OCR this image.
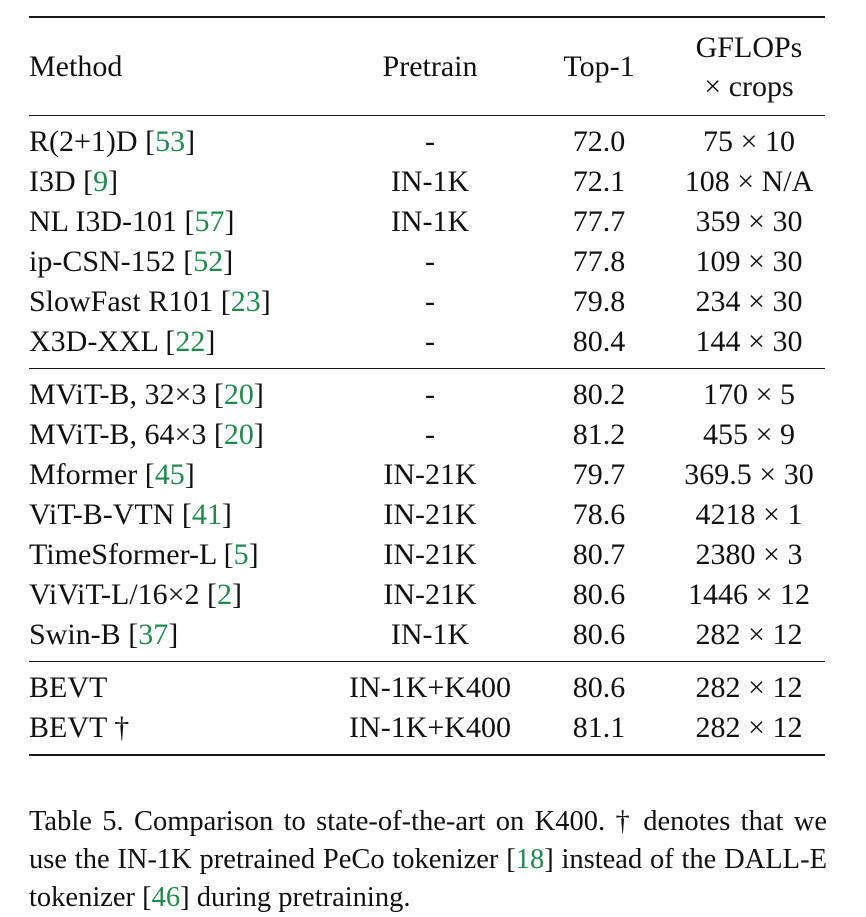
Method	Pretrain	Top-1	GFLOPs
× crops

R(2+1)D [53]	-	72.0	75 × 10
I3D [9]	IN-1K	72.1	108 × N/A
NL I3D-101 [57]	IN-1K	77.7	359 × 30
ip-CSN-152 [52]	-	77.8	109 × 30
SlowFast R101 [23]	-	79.8	234 × 30
X3D-XXL [22]	-	80.4	144 × 30
MViT-B, 32×3 [20]	-	80.2	170 × 5
MViT-B, 64×3 [20]	-	81.2	455 × 9
Mformer [45]	IN-21K	79.7	369.5 × 30
ViT-B-VTN [41]	IN-21K	78.6	4218 × 1
TimeSformer-L [5]	IN-21K	80.7	2380 × 3
ViViT-L/16×2 [2]	IN-21K	80.6	1446 × 12
Swin-B [37]	IN-1K	80.6	282 × 12
BEVT	IN-1K+K400	80.6	282 × 12
BEVT †	IN-1K+K400	81.1	282 × 12
Table 5. Comparison to state-of-the-art on K400. † denotes that we use the IN-1K pretrained PeCo tokenizer [18] instead of the DALL-E tokenizer [46] during pretraining.
